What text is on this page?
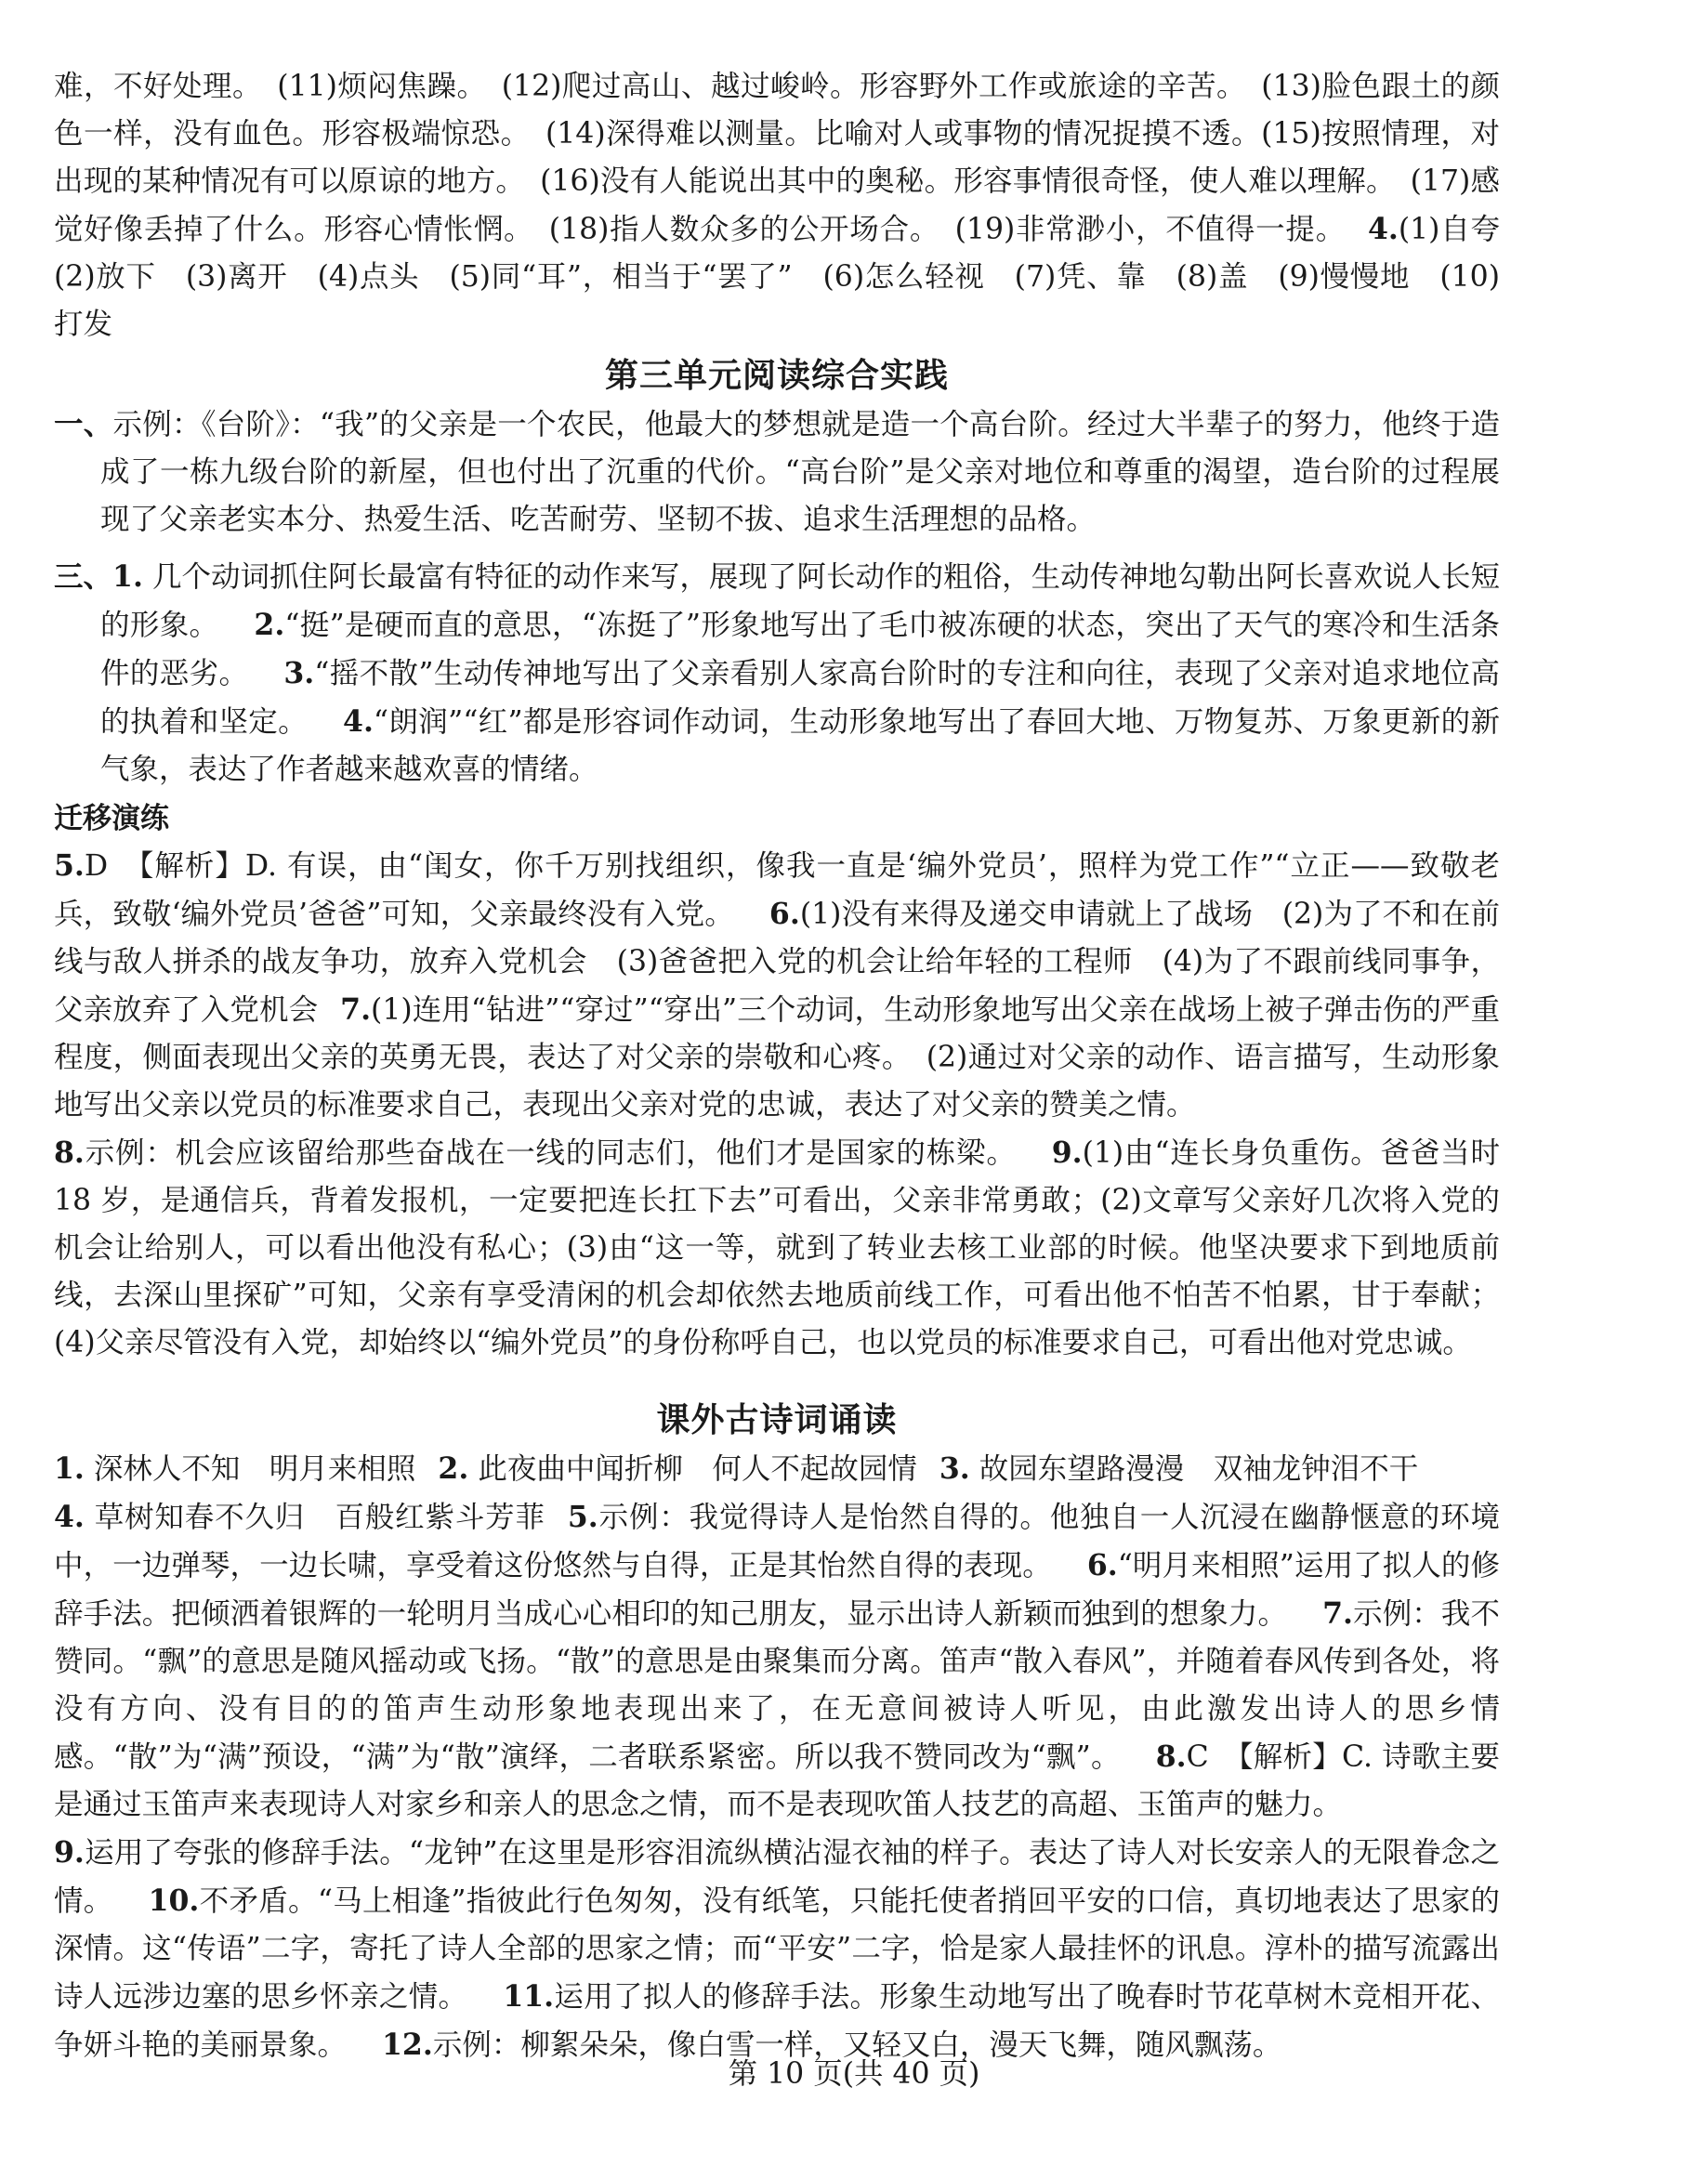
难，不好处理。　(11)烦闷焦躁。　(12)爬过高山、越过峻岭。形容野外工作或旅途的辛苦。　(13)脸色跟土的颜色一样，没有血色。形容极端惊恐。　(14)深得难以测量。比喻对人或事物的情况捉摸不透。(15)按照情理，对出现的某种情况有可以原谅的地方。　(16)没有人能说出其中的奥秘。形容事情很奇怪，使人难以理解。　(17)感觉好像丢掉了什么。形容心情怅惘。　(18)指人数众多的公开场合。　(19)非常渺小，不值得一提。 4.(1)自夸　(2)放下　(3)离开　(4)点头　(5)同“耳”，相当于“罢了”　(6)怎么轻视　(7)凭、靠　(8)盖　(9)慢慢地　(10)打发

第三单元阅读综合实践

一、示例：《台阶》：“我”的父亲是一个农民，他最大的梦想就是造一个高台阶。经过大半辈子的努力，他终于造成了一栋九级台阶的新屋，但也付出了沉重的代价。“高台阶”是父亲对地位和尊重的渴望，造台阶的过程展现了父亲老实本分、热爱生活、吃苦耐劳、坚韧不拔、追求生活理想的品格。

三、1. 几个动词抓住阿长最富有特征的动作来写，展现了阿长动作的粗俗，生动传神地勾勒出阿长喜欢说人长短的形象。 2.“挺”是硬而直的意思，“冻挺了”形象地写出了毛巾被冻硬的状态，突出了天气的寒冷和生活条件的恶劣。 3.“摇不散”生动传神地写出了父亲看别人家高台阶时的专注和向往，表现了父亲对追求地位高的执着和坚定。 4.“朗润”“红”都是形容词作动词，生动形象地写出了春回大地、万物复苏、万象更新的新气象，表达了作者越来越欢喜的情绪。

迁移演练

5.D　【解析】D. 有误，由“闺女，你千万别找组织，像我一直是‘编外党员’，照样为党工作”“立正——致敬老兵，致敬‘编外党员’爸爸”可知，父亲最终没有入党。 6.(1)没有来得及递交申请就上了战场　(2)为了不和在前线与敌人拼杀的战友争功，放弃入党机会　(3)爸爸把入党的机会让给年轻的工程师　(4)为了不跟前线同事争，父亲放弃了入党机会 7.(1)连用“钻进”“穿过”“穿出”三个动词，生动形象地写出父亲在战场上被子弹击伤的严重程度，侧面表现出父亲的英勇无畏，表达了对父亲的崇敬和心疼。　(2)通过对父亲的动作、语言描写，生动形象地写出父亲以党员的标准要求自己，表现出父亲对党的忠诚，表达了对父亲的赞美之情。

8.示例：机会应该留给那些奋战在一线的同志们，他们才是国家的栋梁。 9.(1)由“连长身负重伤。爸爸当时 18 岁，是通信兵，背着发报机，一定要把连长扛下去”可看出，父亲非常勇敢；(2)文章写父亲好几次将入党的机会让给别人，可以看出他没有私心；(3)由“这一等，就到了转业去核工业部的时候。他坚决要求下到地质前线，去深山里探矿”可知，父亲有享受清闲的机会却依然去地质前线工作，可看出他不怕苦不怕累，甘于奉献；(4)父亲尽管没有入党，却始终以“编外党员”的身份称呼自己，也以党员的标准要求自己，可看出他对党忠诚。

课外古诗词诵读

1. 深林人不知　明月来相照 2. 此夜曲中闻折柳　何人不起故园情 3. 故园东望路漫漫　双袖龙钟泪不干

4. 草树知春不久归　百般红紫斗芳菲 5.示例：我觉得诗人是怡然自得的。他独自一人沉浸在幽静惬意的环境中，一边弹琴，一边长啸，享受着这份悠然与自得，正是其怡然自得的表现。 6.“明月来相照”运用了拟人的修辞手法。把倾洒着银辉的一轮明月当成心心相印的知己朋友，显示出诗人新颖而独到的想象力。 7.示例：我不赞同。“飘”的意思是随风摇动或飞扬。“散”的意思是由聚集而分离。笛声“散入春风”，并随着春风传到各处，将没有方向、没有目的的笛声生动形象地表现出来了，在无意间被诗人听见，由此激发出诗人的思乡情感。“散”为“满”预设，“满”为“散”演绎，二者联系紧密。所以我不赞同改为“飘”。 8.C　【解析】C. 诗歌主要是通过玉笛声来表现诗人对家乡和亲人的思念之情，而不是表现吹笛人技艺的高超、玉笛声的魅力。

9.运用了夸张的修辞手法。“龙钟”在这里是形容泪流纵横沾湿衣袖的样子。表达了诗人对长安亲人的无限眷念之情。 10.不矛盾。“马上相逢”指彼此行色匆匆，没有纸笔，只能托使者捎回平安的口信，真切地表达了思家的深情。这“传语”二字，寄托了诗人全部的思家之情；而“平安”二字，恰是家人最挂怀的讯息。淳朴的描写流露出诗人远涉边塞的思乡怀亲之情。 11.运用了拟人的修辞手法。形象生动地写出了晚春时节花草树木竞相开花、争妍斗艳的美丽景象。 12.示例：柳絮朵朵，像白雪一样，又轻又白，漫天飞舞，随风飘荡。

第 10 页(共 40 页)
